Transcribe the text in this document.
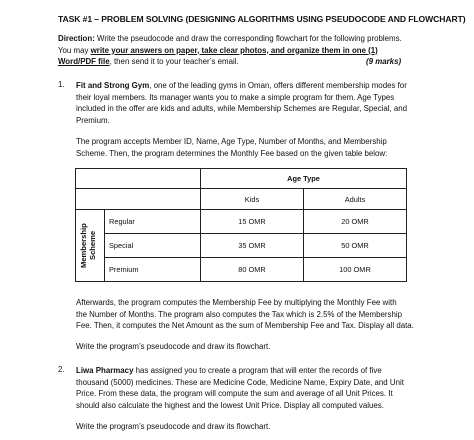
TASK #1 – PROBLEM SOLVING (DESIGNING ALGORITHMS USING PSEUDOCODE AND FLOWCHART)
Direction: Write the pseudocode and draw the corresponding flowchart for the following problems.
You may write your answers on paper, take clear photos, and organize them in one (1)
Word/PDF file, then send it to your teacher’s email.	(9 marks)
1. Fit and Strong Gym, one of the leading gyms in Oman, offers different membership modes for
their loyal members. Its manager wants you to make a simple program for them. Age Types
included in the offer are kids and adults, while Membership Schemes are Regular, Special, and
Premium.
The program accepts Member ID, Name, Age Type, Number of Months, and Membership
Scheme. Then, the program determines the Monthly Fee based on the given table below:
		Age Type	
		Kids	Adults

Membership Scheme	Regular	15 OMR	20 OMR
	Special	35 OMR	50 OMR
	Premium	80 OMR	100 OMR
Afterwards, the program computes the Membership Fee by multiplying the Monthly Fee with
the Number of Months. The program also computes the Tax which is 2.5% of the Membership
Fee. Then, it computes the Net Amount as the sum of Membership Fee and Tax. Display all data.
Write the program’s pseudocode and draw its flowchart.
2. Liwa Pharmacy has assigned you to create a program that will enter the records of five
thousand (5000) medicines. These are Medicine Code, Medicine Name, Expiry Date, and Unit
Price. From these data, the program will compute the sum and average of all Unit Prices. It
should also calculate the highest and the lowest Unit Price. Display all computed values.
Write the program’s pseudocode and draw its flowchart.
